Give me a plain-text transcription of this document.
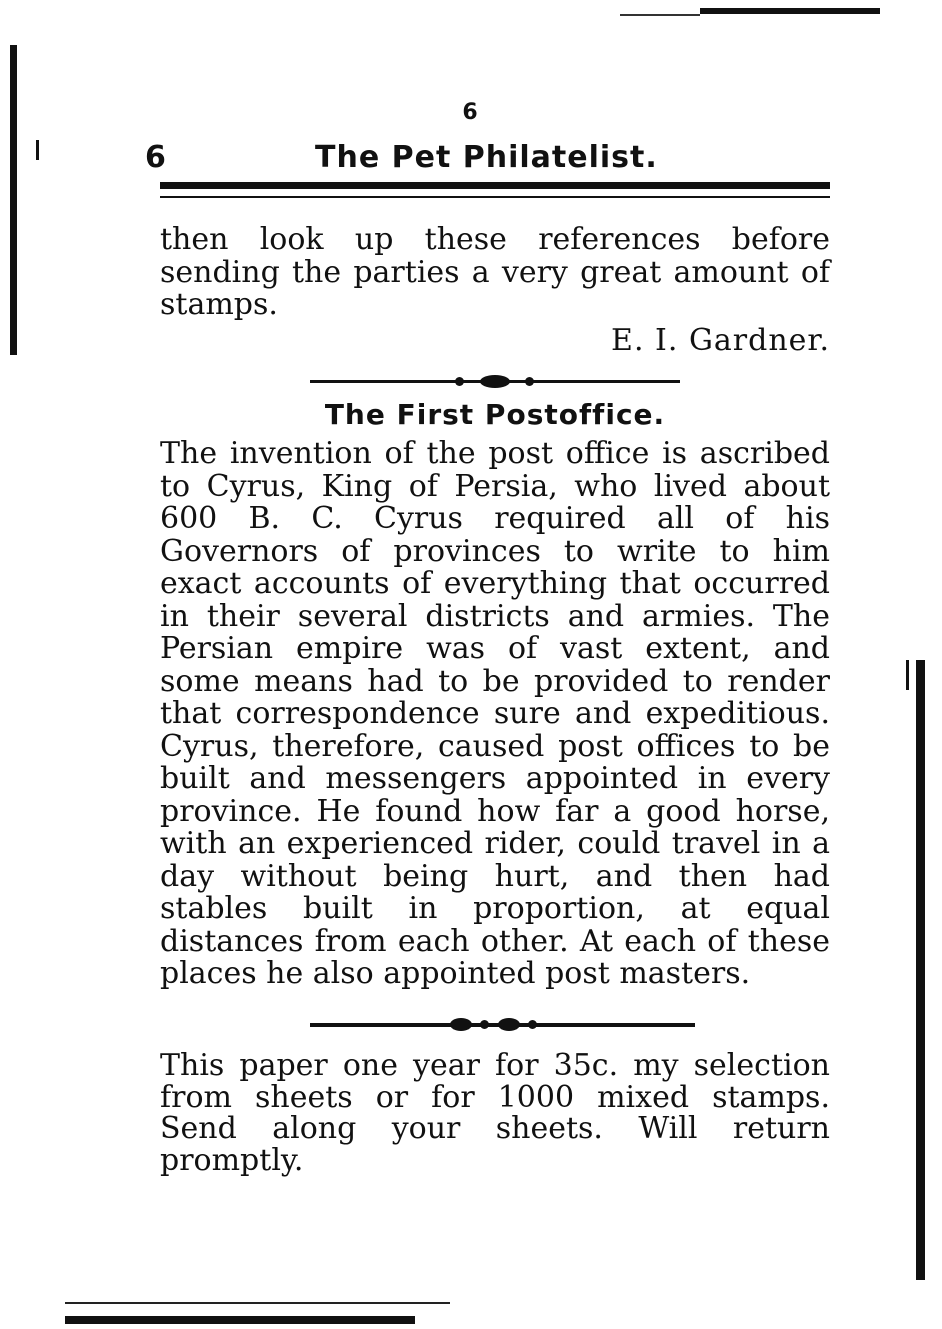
6
6	The Pet Philatelist.

then look up these references before sending the parties a very great amount of stamps.

E. I. Gardner.
The First Postoffice.

The invention of the post office is ascribed to Cyrus, King of Persia, who lived about 600 B. C. Cyrus required all of his Governors of provinces to write to him exact accounts of everything that occurred in their several districts and armies. The Persian empire was of vast extent, and some means had to be provided to render that correspondence sure and expeditious. Cyrus, therefore, caused post offices to be built and messengers appointed in every province. He found how far a good horse, with an experienced rider, could travel in a day without being hurt, and then had stables built in proportion, at equal distances from each other. At each of these places he also appointed post masters.

This paper one year for 35c. my selection from sheets or for 1000 mixed stamps. Send along your sheets. Will return promptly.
